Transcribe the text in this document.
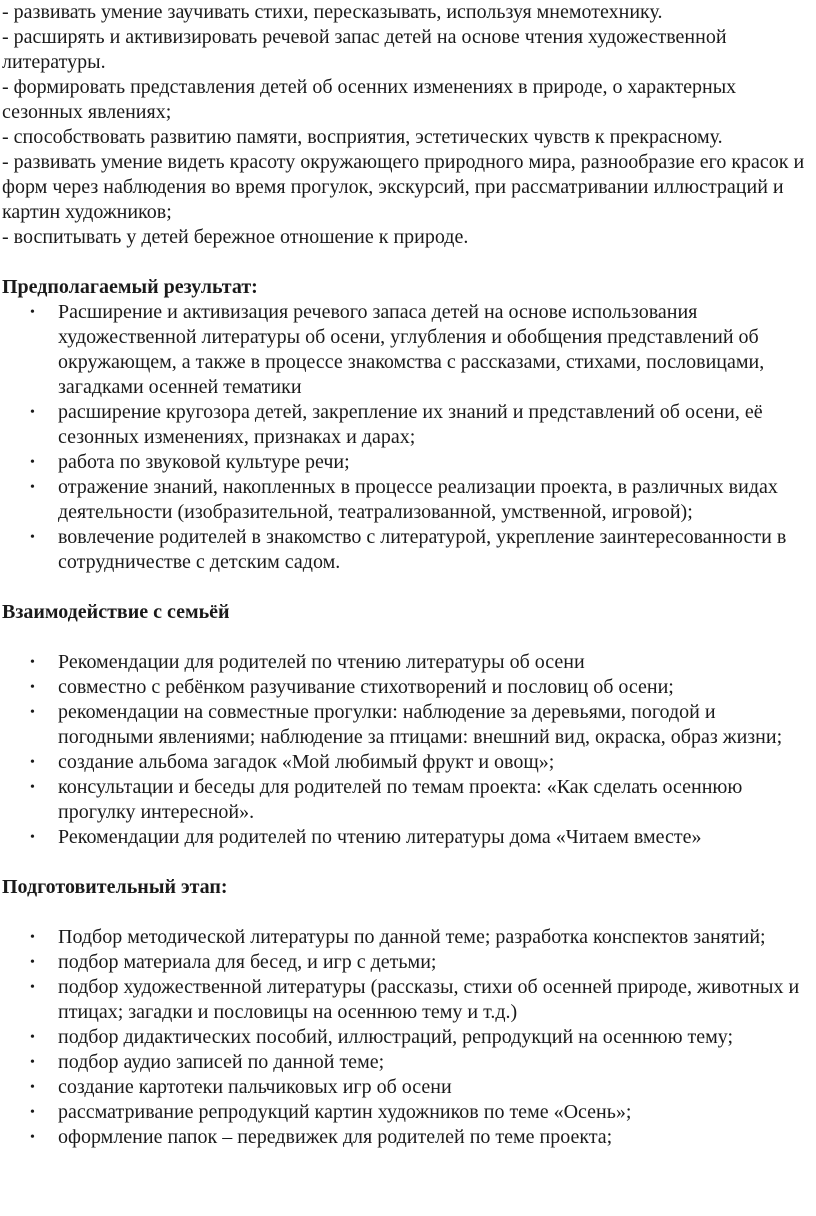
- развивать умение заучивать стихи, пересказывать, используя мнемотехнику.

- расширять и активизировать речевой запас детей на основе чтения художественной литературы.

- формировать представления детей об осенних изменениях в природе, о характерных сезонных явлениях;

- способствовать развитию памяти, восприятия, эстетических чувств к прекрасному.

- развивать умение видеть красоту окружающего природного мира, разнообразие его красок и форм через наблюдения во время прогулок, экскурсий, при рассматривании иллюстраций и картин художников;

- воспитывать у детей бережное отношение к природе.

Предполагаемый результат:

• Расширение и активизация речевого запаса детей на основе использования художественной литературы об осени, углубления и обобщения представлений об окружающем, а также в процессе знакомства с рассказами, стихами, пословицами, загадками осенней тематики
• расширение кругозора детей, закрепление их знаний и представлений об осени, её сезонных изменениях, признаках и дарах;
• работа по звуковой культуре речи;
• отражение знаний, накопленных в процессе реализации проекта, в различных видах деятельности (изобразительной, театрализованной, умственной, игровой);
• вовлечение родителей в знакомство с литературой, укрепление заинтересованности в сотрудничестве с детским садом.

Взаимодействие с семьёй

• Рекомендации для родителей по чтению литературы об осени
• совместно с ребёнком разучивание стихотворений и пословиц об осени;
• рекомендации на совместные прогулки: наблюдение за деревьями, погодой и погодными явлениями; наблюдение за птицами: внешний вид, окраска, образ жизни;
• создание альбома загадок «Мой любимый фрукт и овощ»;
• консультации и беседы для родителей по темам проекта: «Как сделать осеннюю прогулку интересной».
• Рекомендации для родителей по чтению литературы дома «Читаем вместе»

Подготовительный этап:

• Подбор методической литературы по данной теме; разработка конспектов занятий;
• подбор материала для бесед, и игр с детьми;
• подбор художественной литературы (рассказы, стихи об осенней природе, животных и птицах; загадки и пословицы на осеннюю тему и т.д.)
• подбор дидактических пособий, иллюстраций, репродукций на осеннюю тему;
• подбор аудио записей по данной теме;
• создание картотеки пальчиковых игр об осени
• рассматривание репродукций картин художников по теме «Осень»;
• оформление папок – передвижек для родителей по теме проекта;
